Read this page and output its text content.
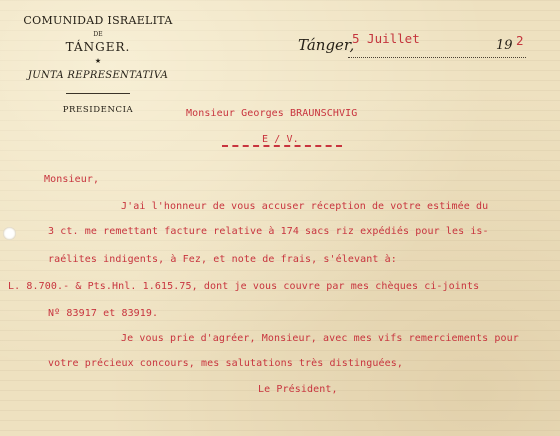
COMUNIDAD ISRAELITA
DE
TÁNGER.
★
JUNTA REPRESENTATIVA
PRESIDENCIA
Tánger,	19
5 Juillet	2
Monsieur Georges BRAUNSCHVIG
E / V.
Monsieur,
J'ai l'honneur de vous accuser réception de votre estimée du
3 ct. me remettant facture relative à 174 sacs riz expédiés pour les is-
raélites indigents, à Fez, et note de frais, s'élevant à:
L. 8.700.- & Pts.Hnl. 1.615.75, dont je vous couvre par mes chèques ci-joints
Nº 83917 et 83919.
Je vous prie d'agréer, Monsieur, avec mes vifs remerciements pour
votre précieux concours, mes salutations très distinguées,
Le Président,
